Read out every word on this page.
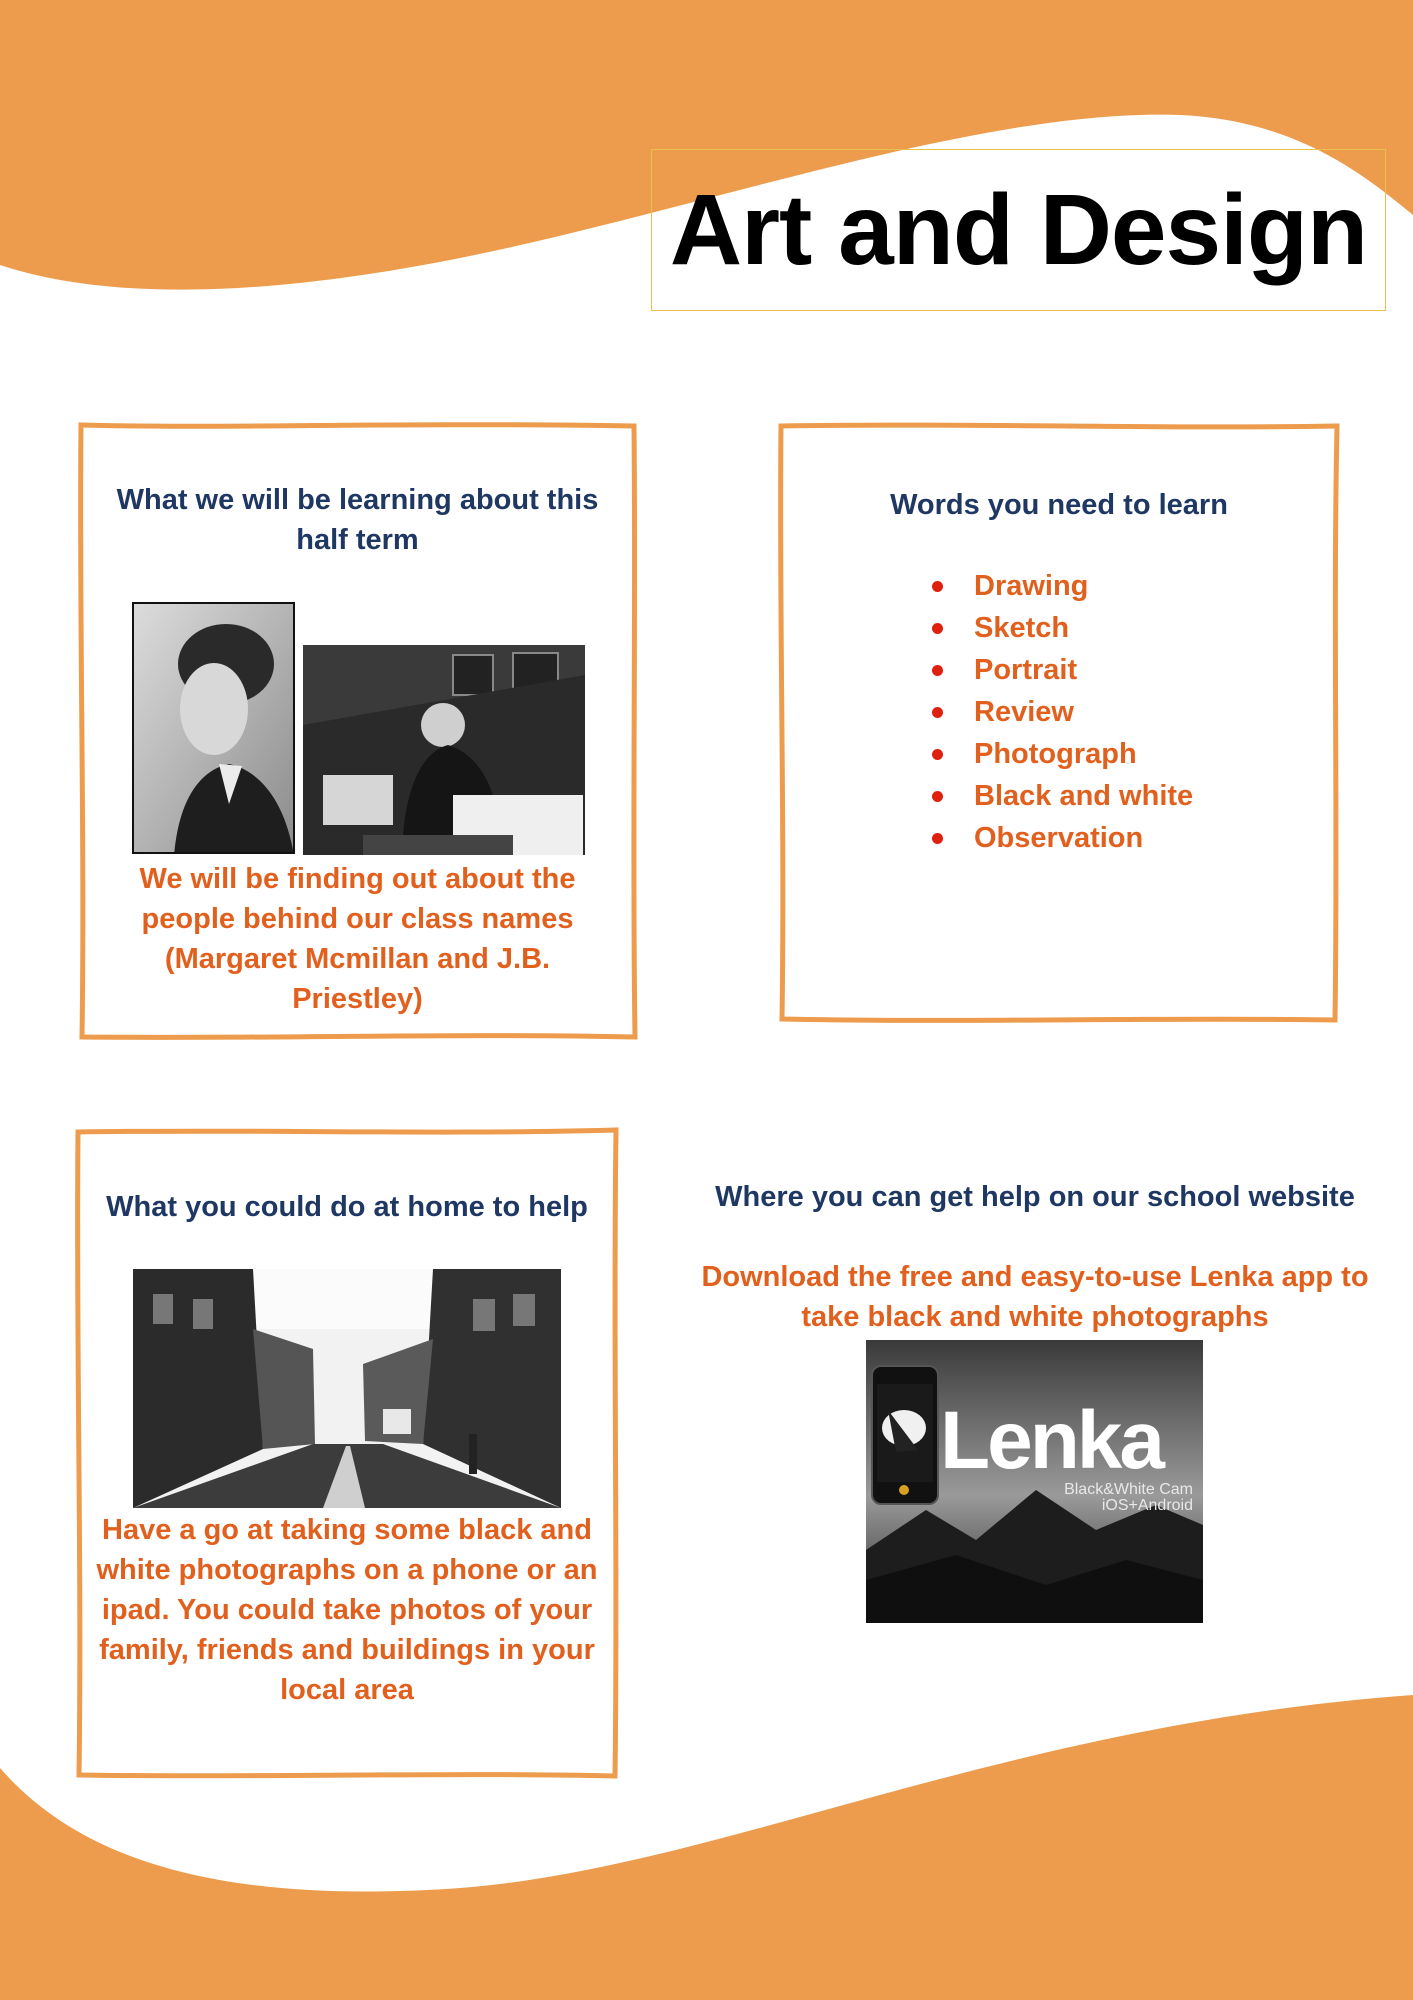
Art and Design
What we will be learning about this half term
We will be finding out about the people behind our class names (Margaret Mcmillan and J.B. Priestley)
Words you need to learn
Drawing
Sketch
Portrait
Review
Photograph
Black and white
Observation
What you could do at home to help
Have a go at taking some black and white photographs on a phone or an ipad. You could take photos of your family, friends and buildings in your local area
Where you can get help on our school website
Download the free and easy-to-use Lenka app to take black and white photographs
Lenka
Black&White Cam
iOS+Android
